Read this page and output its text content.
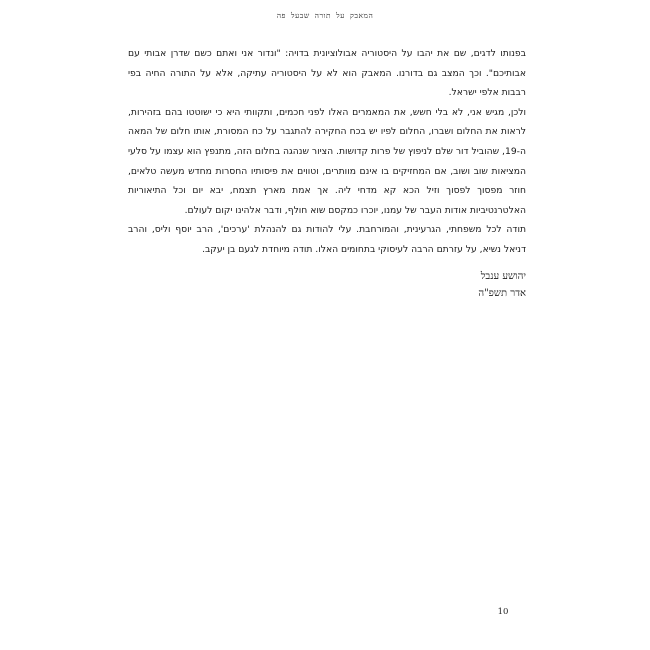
המאבק על תורה שבעל פה

בפנותו לדגים, שם את יהבו על היסטוריה אבולוציונית בדויה: "ונדור אני ואתם כשם שדרן אבותי עם אבותיכם". וכך המצב גם בדורנו. המאבק הוא לא על היסטוריה עתיקה, אלא על התורה החיה בפי רבבות אלפי ישראל.

ולכן, מגיש אני, לא בלי חשש, את המאמרים האלו לפני חכמים, ותקוותי היא כי ישוטטו בהם בזהירות, לראות את החלום ושברו, החלום לפיו יש בכח החקירה להתגבר על כח המסורת, אותו חלום של המאה ה-19, שהוביל דור שלם לניפוץ של פרות קדושות. הציור שנהגה בחלום הזה, מתנפץ הוא עצמו על סלעי המציאות שוב ושוב, אם המחזיקים בו אינם מוותרים, וטווים את פיסותיו החסרות מחדש מעשה טלאים, חוזר מפסוך לפסוך וזיל הכא קא מדחי ליה. אך אמת מארץ תצמח, יבא יום וכל התיאוריות האלטרנטיביות אודות העבר של עמנו, יוכרו כמקסם שוא חולף, ודבר אלהינו יקום לעולם.

תודה לכל משפחתי, הגרעינית, והמורחבת. עלי להודות גם להנהלת 'ערכים', הרב יוסף וליס, והרב דניאל נשיא, על עזרתם הרבה לעיסוקי בתחומים האלו. תודה מיוחדת לגעם בן יעקב.

יהושע ענבל
אדר תשפ"ה
10
